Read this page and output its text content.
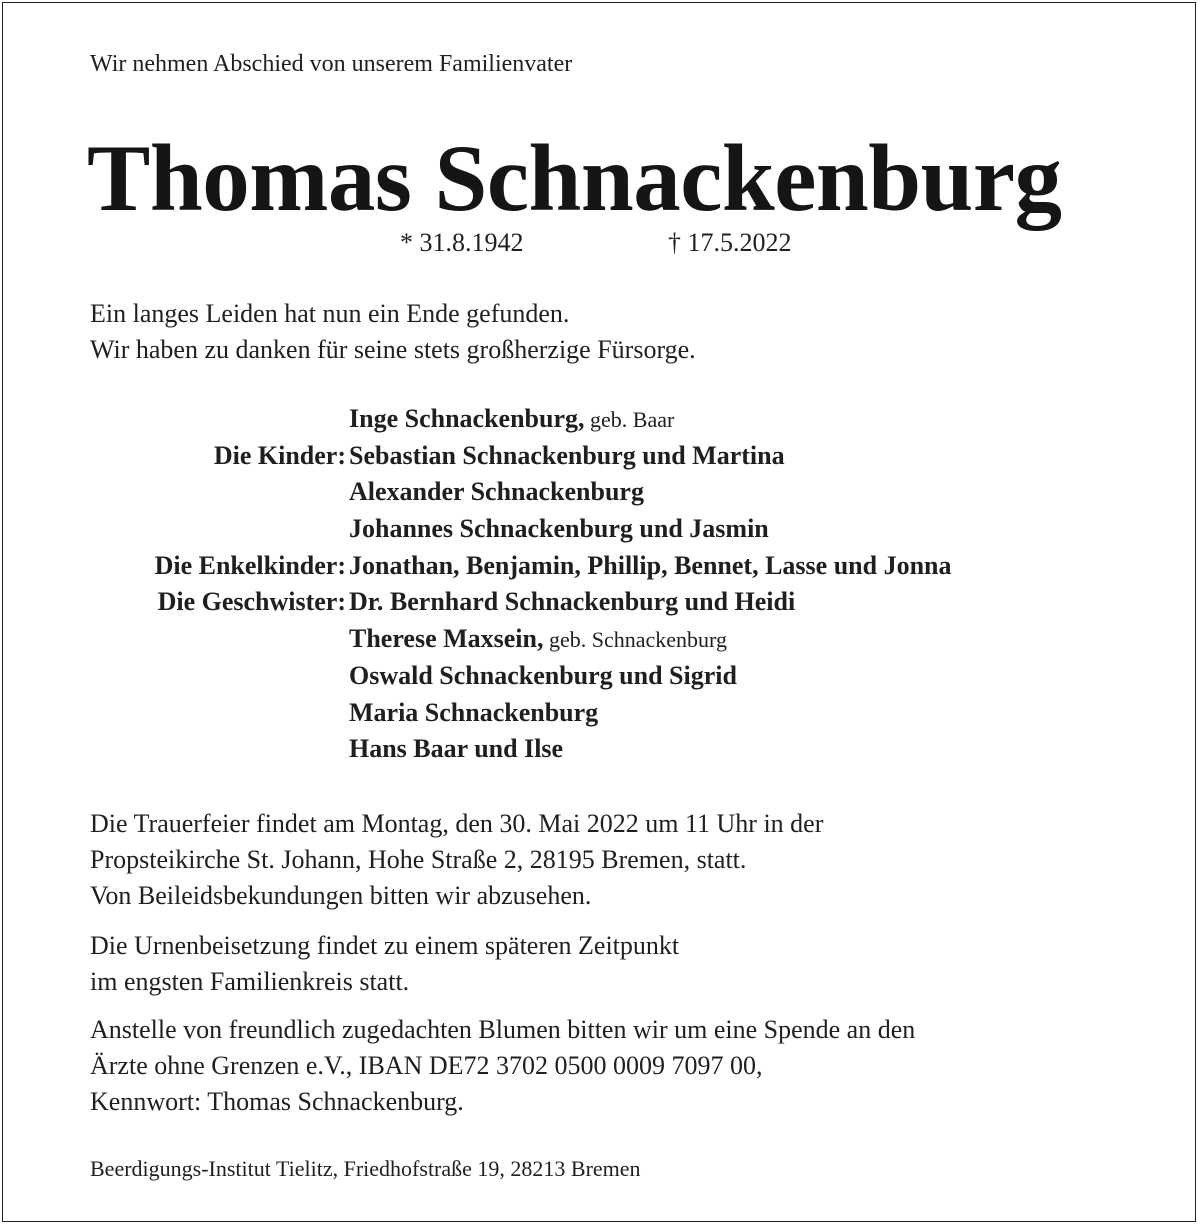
Wir nehmen Abschied von unserem Familienvater
Thomas Schnackenburg
* 31.8.1942	† 17.5.2022
Ein langes Leiden hat nun ein Ende gefunden.
Wir haben zu danken für seine stets großherzige Fürsorge.
Inge Schnackenburg, geb. Baar
Die Kinder: Sebastian Schnackenburg und Martina
Alexander Schnackenburg
Johannes Schnackenburg und Jasmin
Die Enkelkinder: Jonathan, Benjamin, Phillip, Bennet, Lasse und Jonna
Die Geschwister: Dr. Bernhard Schnackenburg und Heidi
Therese Maxsein, geb. Schnackenburg
Oswald Schnackenburg und Sigrid
Maria Schnackenburg
Hans Baar und Ilse
Die Trauerfeier findet am Montag, den 30. Mai 2022 um 11 Uhr in der
Propsteikirche St. Johann, Hohe Straße 2, 28195 Bremen, statt.
Von Beileidsbekundungen bitten wir abzusehen.
Die Urnenbeisetzung findet zu einem späteren Zeitpunkt
im engsten Familienkreis statt.
Anstelle von freundlich zugedachten Blumen bitten wir um eine Spende an den
Ärzte ohne Grenzen e.V., IBAN DE72 3702 0500 0009 7097 00,
Kennwort: Thomas Schnackenburg.
Beerdigungs-Institut Tielitz, Friedhofstraße 19, 28213 Bremen
